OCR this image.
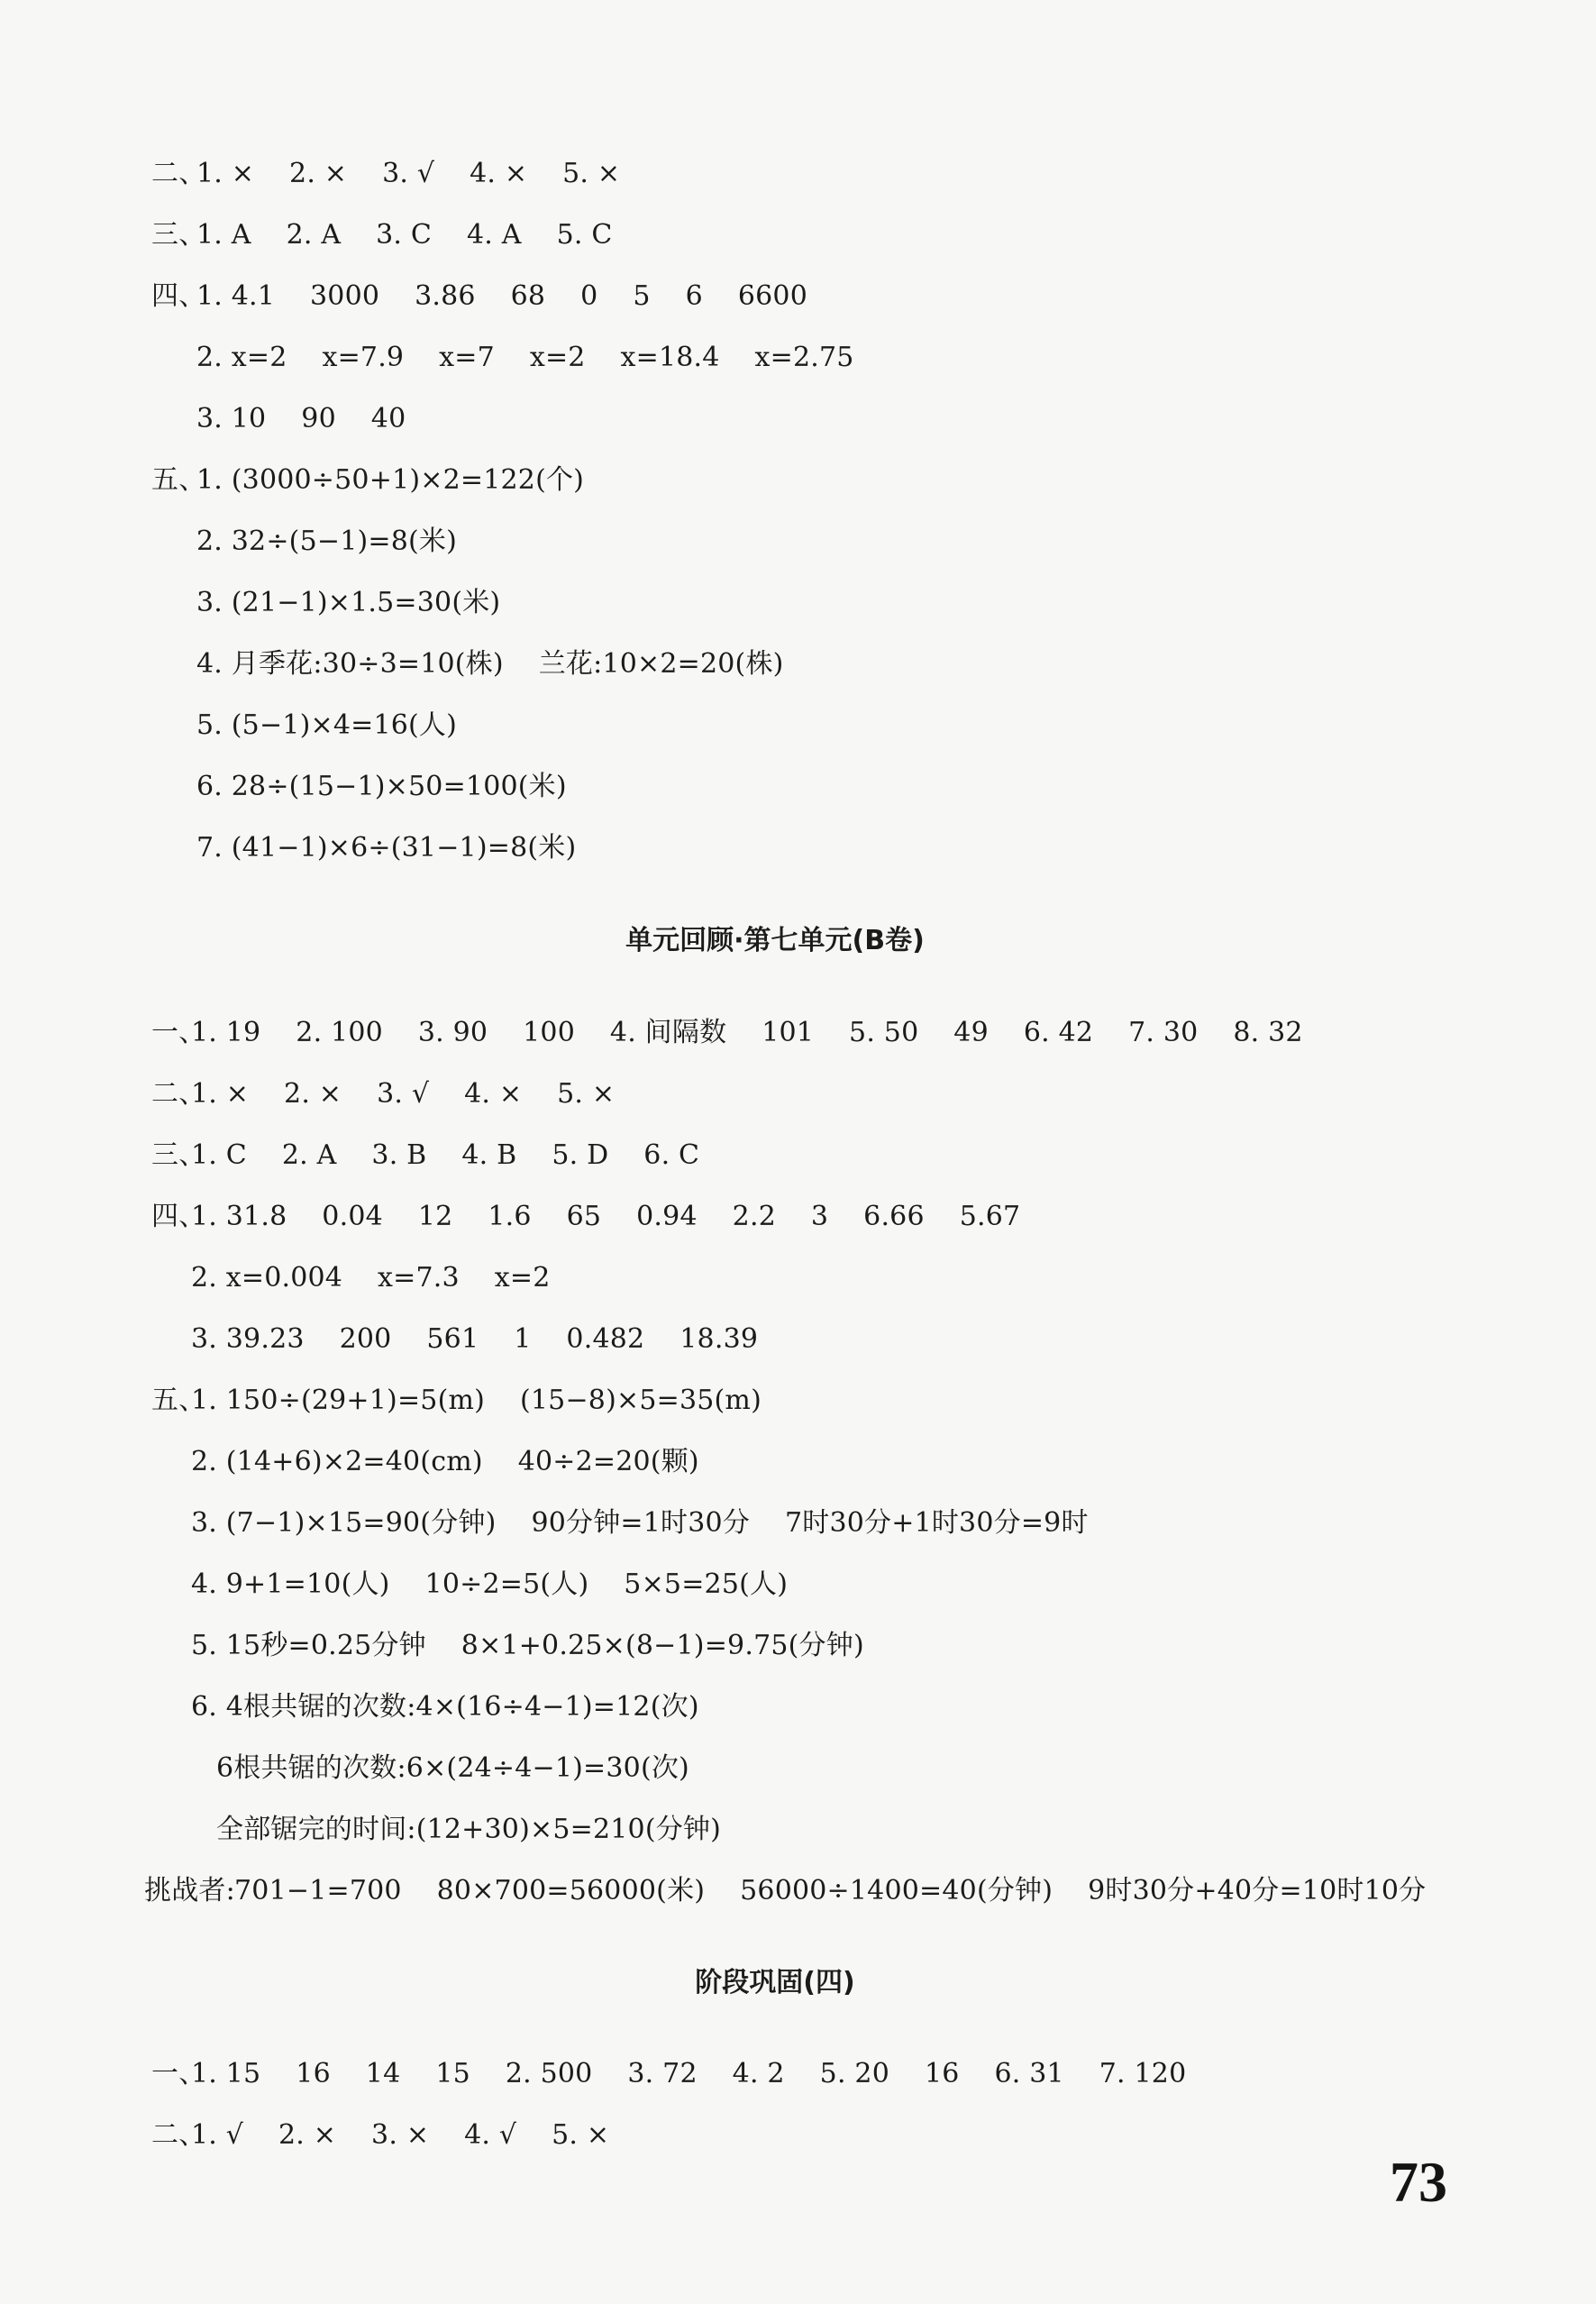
二、

1. ×    2. ×    3. √    4. ×    5. ×

三、

1. A    2. A    3. C    4. A    5. C

四、

1. 4.1    3000    3.86    68    0    5    6    6600

2. x=2    x=7.9    x=7    x=2    x=18.4    x=2.75

3. 10    90    40

五、

1. (3000÷50+1)×2=122(个)

2. 32÷(5−1)=8(米)

3. (21−1)×1.5=30(米)

4. 月季花:30÷3=10(株)    兰花:10×2=20(株)

5. (5−1)×4=16(人)

6. 28÷(15−1)×50=100(米)

7. (41−1)×6÷(31−1)=8(米)

单元回顾·第七单元(B卷)

一、

1. 19    2. 100    3. 90    100    4. 间隔数    101    5. 50    49    6. 42    7. 30    8. 32

二、

1. ×    2. ×    3. √    4. ×    5. ×

三、

1. C    2. A    3. B    4. B    5. D    6. C

四、

1. 31.8    0.04    12    1.6    65    0.94    2.2    3    6.66    5.67

2. x=0.004    x=7.3    x=2

3. 39.23    200    561    1    0.482    18.39

五、

1. 150÷(29+1)=5(m)    (15−8)×5=35(m)

2. (14+6)×2=40(cm)    40÷2=20(颗)

3. (7−1)×15=90(分钟)    90分钟=1时30分    7时30分+1时30分=9时

4. 9+1=10(人)    10÷2=5(人)    5×5=25(人)

5. 15秒=0.25分钟    8×1+0.25×(8−1)=9.75(分钟)

6. 4根共锯的次数:4×(16÷4−1)=12(次)

6根共锯的次数:6×(24÷4−1)=30(次)

全部锯完的时间:(12+30)×5=210(分钟)

挑战者:

701−1=700    80×700=56000(米)    56000÷1400=40(分钟)    9时30分+40分=10时10分

阶段巩固(四)

一、

1. 15    16    14    15    2. 500    3. 72    4. 2    5. 20    16    6. 31    7. 120

二、

1. √    2. ×    3. ×    4. √    5. ×

73
